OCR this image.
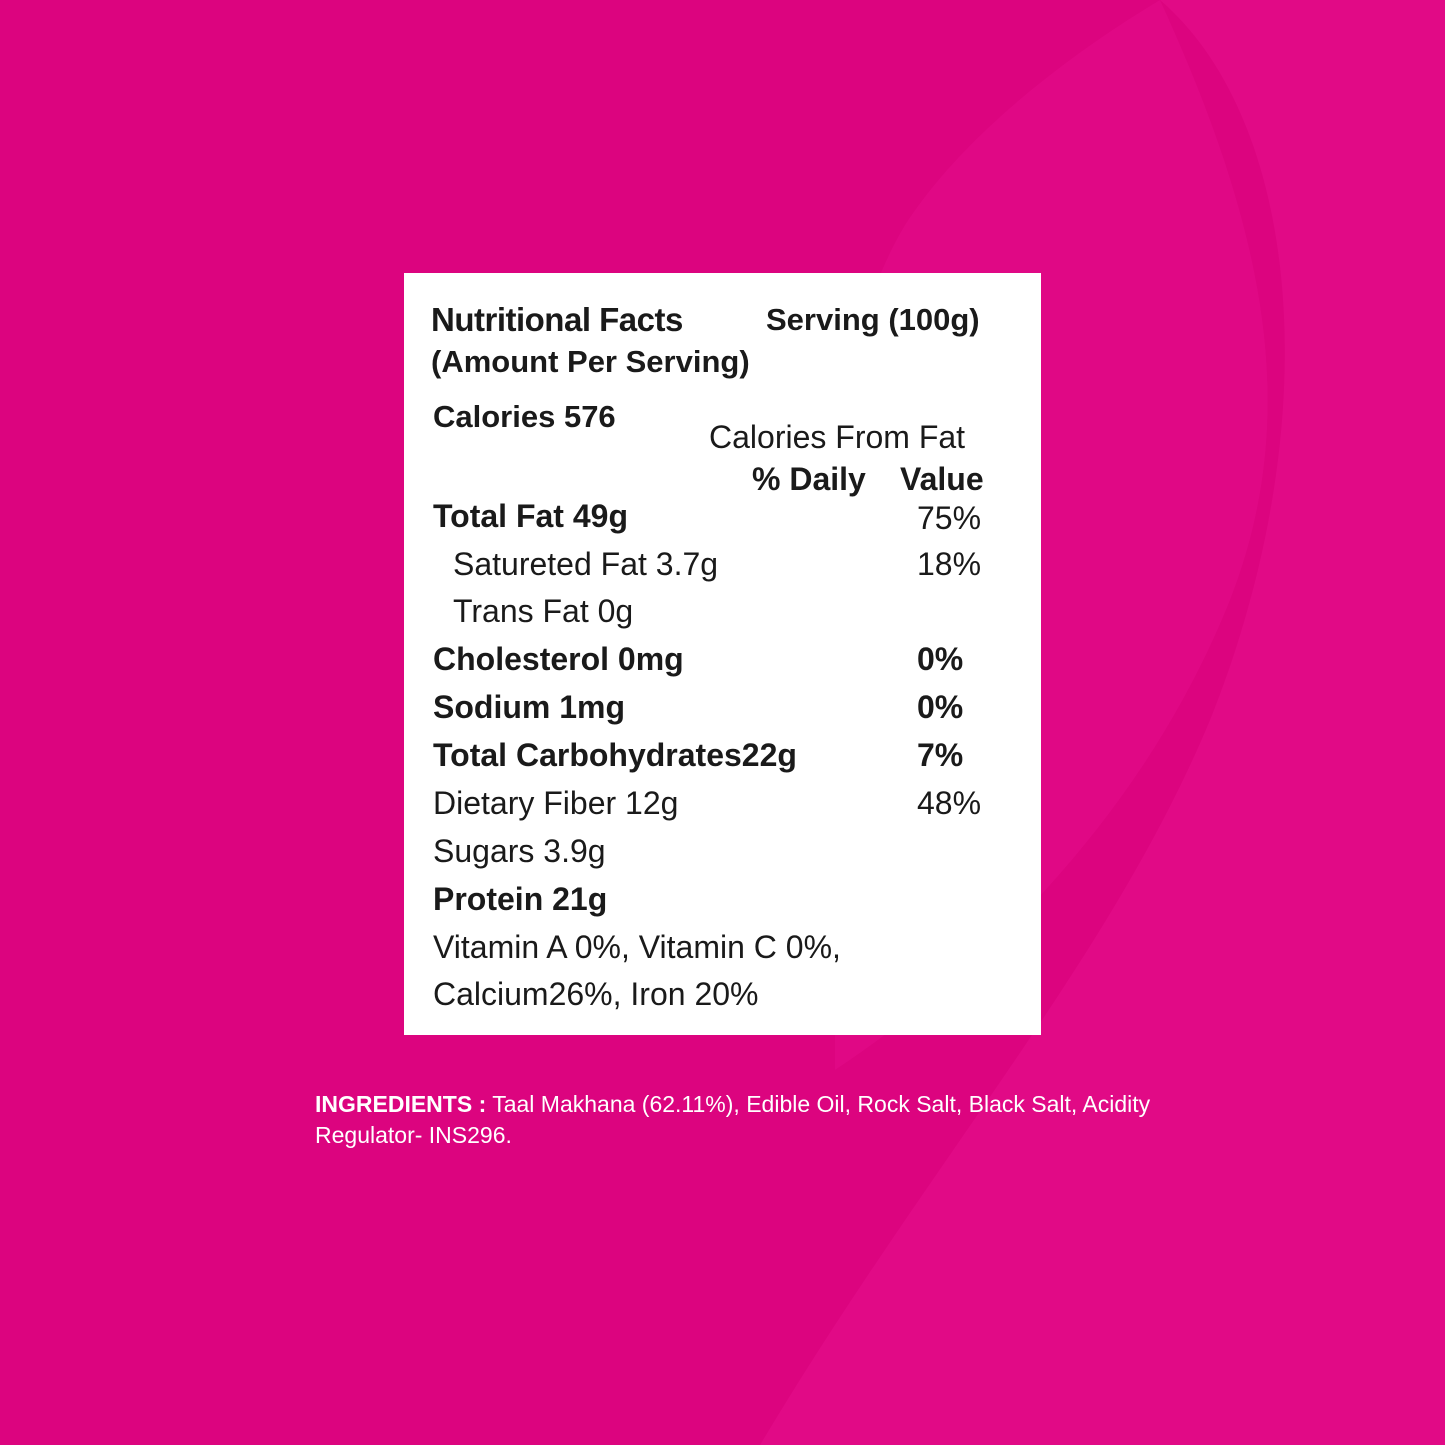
Nutritional Facts	Serving (100g)
(Amount Per Serving)
Calories 576
Calories From Fat
% Daily Value
Total Fat 49g	75%
Satureted Fat 3.7g	18%
Trans Fat 0g
Cholesterol 0mg	0%
Sodium 1mg	0%
Total Carbohydrates22g	7%
Dietary Fiber 12g	48%
Sugars 3.9g
Protein 21g
Vitamin A 0%, Vitamin C 0%,
Calcium26%, Iron 20%
INGREDIENTS : Taal Makhana (62.11%), Edible Oil, Rock Salt, Black Salt, Acidity Regulator- INS296.
